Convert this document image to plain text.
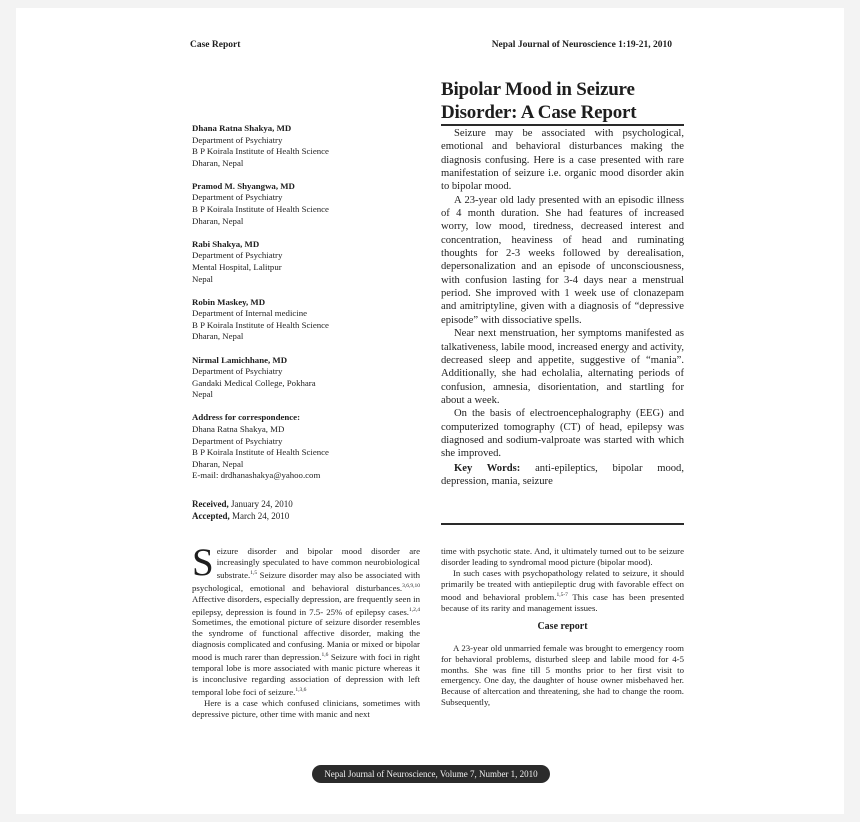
Case Report	Nepal Journal of Neuroscience 1:19-21, 2010
Bipolar Mood in Seizure
Disorder: A Case Report

Seizure may be associated with psychological, emotional and behavioral disturbances making the diagnosis confusing. Here is a case presented with rare manifestation of seizure i.e. organic mood disorder akin to bipolar mood.

A 23-year old lady presented with an episodic illness of 4 month duration. She had features of increased worry, low mood, tiredness, decreased interest and concentration, heaviness of head and ruminating thoughts for 2-3 weeks followed by derealisation, depersonalization and an episode of unconsciousness, with confusion lasting for 3-4 days near a menstrual period. She improved with 1 week use of clonazepam and amitriptyline, given with a diagnosis of “depressive episode” with dissociative spells.

Near next menstruation, her symptoms manifested as talkativeness, labile mood, increased energy and activity, decreased sleep and appetite, suggestive of “mania”. Additionally, she had echolalia, alternating periods of confusion, amnesia, disorientation, and startling for about a week.

On the basis of electroencephalography (EEG) and computerized tomography (CT) of head, epilepsy was diagnosed and sodium-valproate was started with which she improved.

Key Words: anti-epileptics, bipolar mood, depression, mania, seizure

Dhana Ratna Shakya, MD
Department of Psychiatry
B P Koirala Institute of Health Science
Dharan, Nepal
Pramod M. Shyangwa, MD
Department of Psychiatry
B P Koirala Institute of Health Science
Dharan, Nepal
Rabi Shakya, MD
Department of Psychiatry
Mental Hospital, Lalitpur
Nepal
Robin Maskey, MD
Department of Internal medicine
B P Koirala Institute of Health Science
Dharan, Nepal
Nirmal Lamichhane, MD
Department of Psychiatry
Gandaki Medical College, Pokhara
Nepal
Address for correspondence:
Dhana Ratna Shakya, MD
Department of Psychiatry
B P Koirala Institute of Health Science
Dharan, Nepal
E-mail: drdhanashakya@yahoo.com
Received, January 24, 2010
Accepted, March 24, 2010

Seizure disorder and bipolar mood disorder are increasingly speculated to have common neurobiological substrate.$^{1,5}$ Seizure disorder may also be associated with psychological, emotional and behavioral disturbances.$^{3,6,9,10}$ Affective disorders, especially depression, are frequently seen in epilepsy, depression is found in 7.5- 25% of epilepsy cases.$^{1,2,4}$ Sometimes, the emotional picture of seizure disorder resembles the syndrome of functional affective disorder, making the diagnosis complicated and confusing. Mania or mixed or bipolar mood is much rarer than depression.$^{1,6}$ Seizure with foci in right temporal lobe is more associated with manic picture whereas it is inconclusive regarding association of depression with left temporal lobe foci of seizure.$^{1,3,6}$

Here is a case which confused clinicians, sometimes with depressive picture, other time with manic and next

time with psychotic state. And, it ultimately turned out to be seizure disorder leading to syndromal mood picture (bipolar mood).

In such cases with psychopathology related to seizure, it should primarily be treated with antiepileptic drug with favorable effect on mood and behavioral problem.$^{1,5-7}$ This case has been presented because of its rarity and management issues.

Case report

A 23-year old unmarried female was brought to emergency room for behavioral problems, disturbed sleep and labile mood for 4-5 months. She was fine till 5 months prior to her first visit to emergency. One day, the daughter of house owner misbehaved her. Because of altercation and threatening, she had to change the room. Subsequently,

Nepal Journal of Neuroscience, Volume 7, Number 1, 2010
